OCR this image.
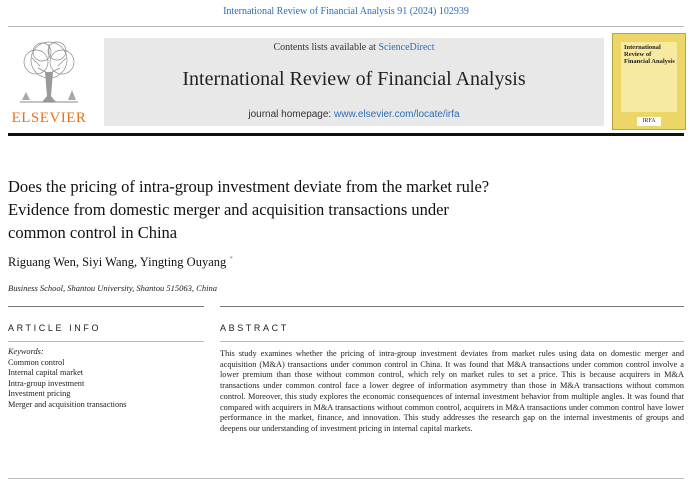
International Review of Financial Analysis 91 (2024) 102939
ELSEVIER
Contents lists available at ScienceDirect
International Review of Financial Analysis
journal homepage: www.elsevier.com/locate/irfa
International Review of Financial Analysis
IRFA
Does the pricing of intra-group investment deviate from the market rule?
Evidence from domestic merger and acquisition transactions under
common control in China
Riguang Wen, Siyi Wang, Yingting Ouyang *
Business School, Shantou University, Shantou 515063, China
ARTICLE INFO	ABSTRACT
Keywords:
Common control
Internal capital market
Intra-group investment
Investment pricing
Merger and acquisition transactions
This study examines whether the pricing of intra-group investment deviates from market rules using data on domestic merger and acquisition (M&A) transactions under common control in China. It was found that M&A transactions under common control involve a lower premium than those without common control, which rely on market rules to set a price. This is because acquirers in M&A transactions under common control face a lower degree of information asymmetry than those in M&A transactions without common control. Moreover, this study explores the economic consequences of internal investment behavior from multiple angles. It was found that compared with acquirers in M&A transactions without common control, acquirers in M&A transactions under common control have lower performance in the market, finance, and innovation. This study addresses the research gap on the internal investments of groups and deepens our understanding of investment pricing in internal capital markets.
